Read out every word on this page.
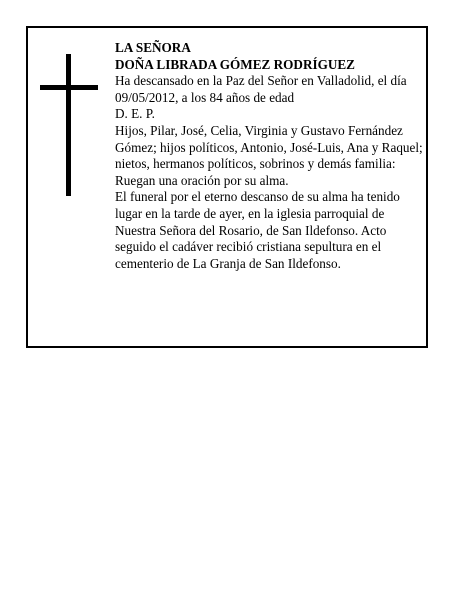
LA SEÑORA

DOÑA LIBRADA GÓMEZ RODRÍGUEZ

Ha descansado en la Paz del Señor en Valladolid, el día 09/05/2012, a los 84 años de edad

D. E. P.

Hijos, Pilar, José, Celia, Virginia y Gustavo Fernández Gómez; hijos políticos, Antonio, José-Luis, Ana y Raquel; nietos, hermanos políticos, sobrinos y demás familia:

Ruegan una oración por su alma.

El funeral por el eterno descanso de su alma ha tenido lugar en la tarde de ayer, en la iglesia parroquial de Nuestra Señora del Rosario, de San Ildefonso. Acto seguido el cadáver recibió cristiana sepultura en el cementerio de La Granja de San Ildefonso.
